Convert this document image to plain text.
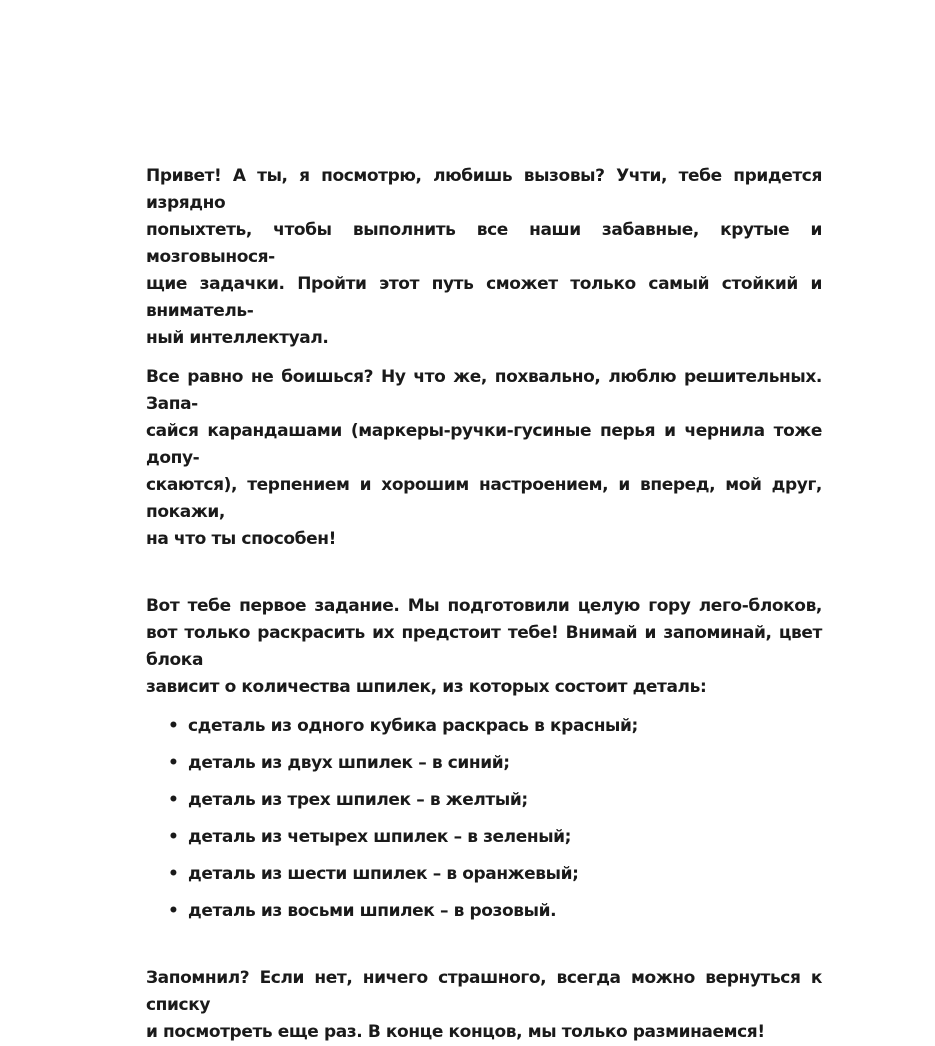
Привет! А ты, я посмотрю, любишь вызовы? Учти, тебе придется изрядно
попыхтеть, чтобы выполнить все наши забавные, крутые и мозговынося-
щие задачки. Пройти этот путь сможет только самый стойкий и вниматель-
ный интеллектуал.

Все равно не боишься? Ну что же, похвально, люблю решительных. Запа-
сайся карандашами (маркеры-ручки-гусиные перья и чернила тоже допу-
скаются), терпением и хорошим настроением, и вперед, мой друг, покажи,
на что ты способен!

Вот тебе первое задание. Мы подготовили целую гору лего-блоков,
вот только раскрасить их предстоит тебе! Внимай и запоминай, цвет блока
зависит о количества шпилек, из которых состоит деталь:

• сдеталь из одного кубика раскрась в красный;
• деталь из двух шпилек – в синий;
• деталь из трех шпилек – в желтый;
• деталь из четырех шпилек – в зеленый;
• деталь из шести шпилек – в оранжевый;
• деталь из восьми шпилек – в розовый.

Запомнил? Если нет, ничего страшного, всегда можно вернуться к списку
и посмотреть еще раз. В конце концов, мы только разминаемся!
